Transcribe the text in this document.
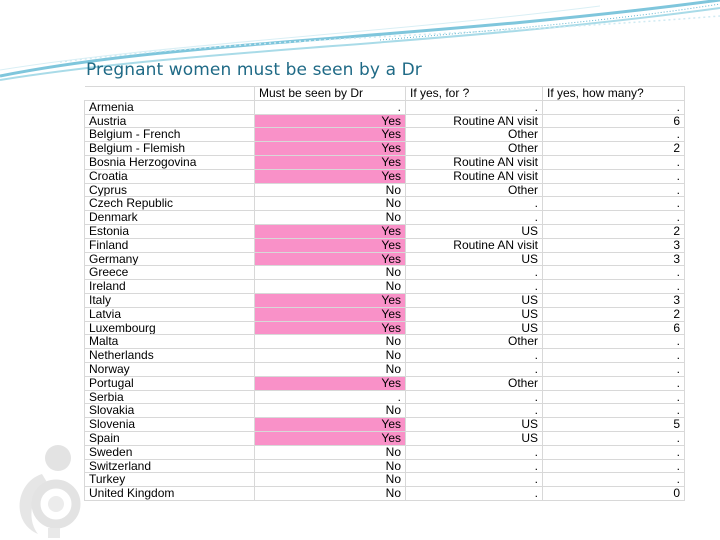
Pregnant women must be seen by a Dr
	Must be seen by Dr	If yes, for ?	If yes, how many?
Armenia	.	.	.
Austria	Yes	Routine AN visit	6
Belgium - French	Yes	Other	.
Belgium - Flemish	Yes	Other	2
Bosnia Herzogovina	Yes	Routine AN visit	.
Croatia	Yes	Routine AN visit	.
Cyprus	No	Other	.
Czech Republic	No	.	.
Denmark	No	.	.
Estonia	Yes	US	2
Finland	Yes	Routine AN visit	3
Germany	Yes	US	3
Greece	No	.	.
Ireland	No	.	.
Italy	Yes	US	3
Latvia	Yes	US	2
Luxembourg	Yes	US	6
Malta	No	Other	.
Netherlands	No	.	.
Norway	No	.	.
Portugal	Yes	Other	.
Serbia	.	.	.
Slovakia	No	.	.
Slovenia	Yes	US	5
Spain	Yes	US	.
Sweden	No	.	.
Switzerland	No	.	.
Turkey	No	.	.
United Kingdom	No	.	0
